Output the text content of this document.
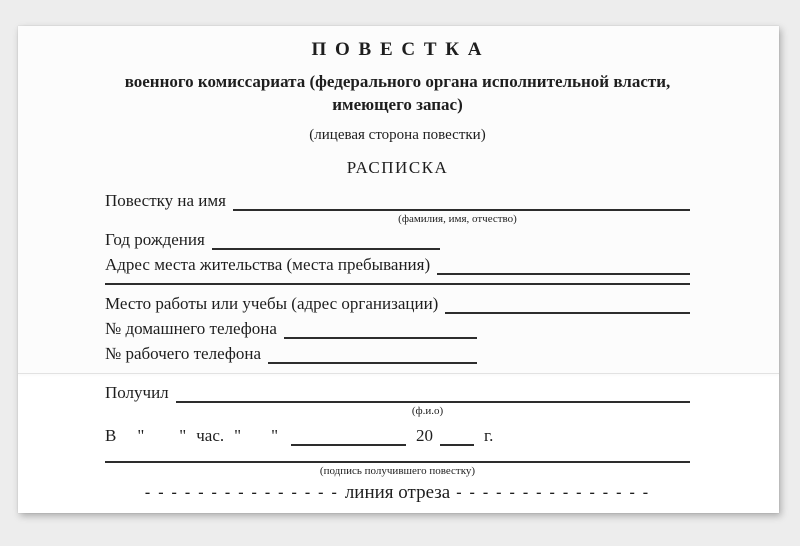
П О В Е С Т К А
военного комиссариата (федерального органа исполнительной власти, имеющего запас)
(лицевая сторона повестки)
РАСПИСКА
Повестку на имя
(фамилия, имя, отчество)
Год рождения
Адрес места жительства (места пребывания)
Место работы или учебы (адрес организации)
№ домашнего телефона
№ рабочего телефона
Получил
(ф.и.о)
В	" " час. " "	20	г.
(подпись получившего повестку)
- - - - - - - - - - - - - - - линия отреза - - - - - - - - - - - - - - -
